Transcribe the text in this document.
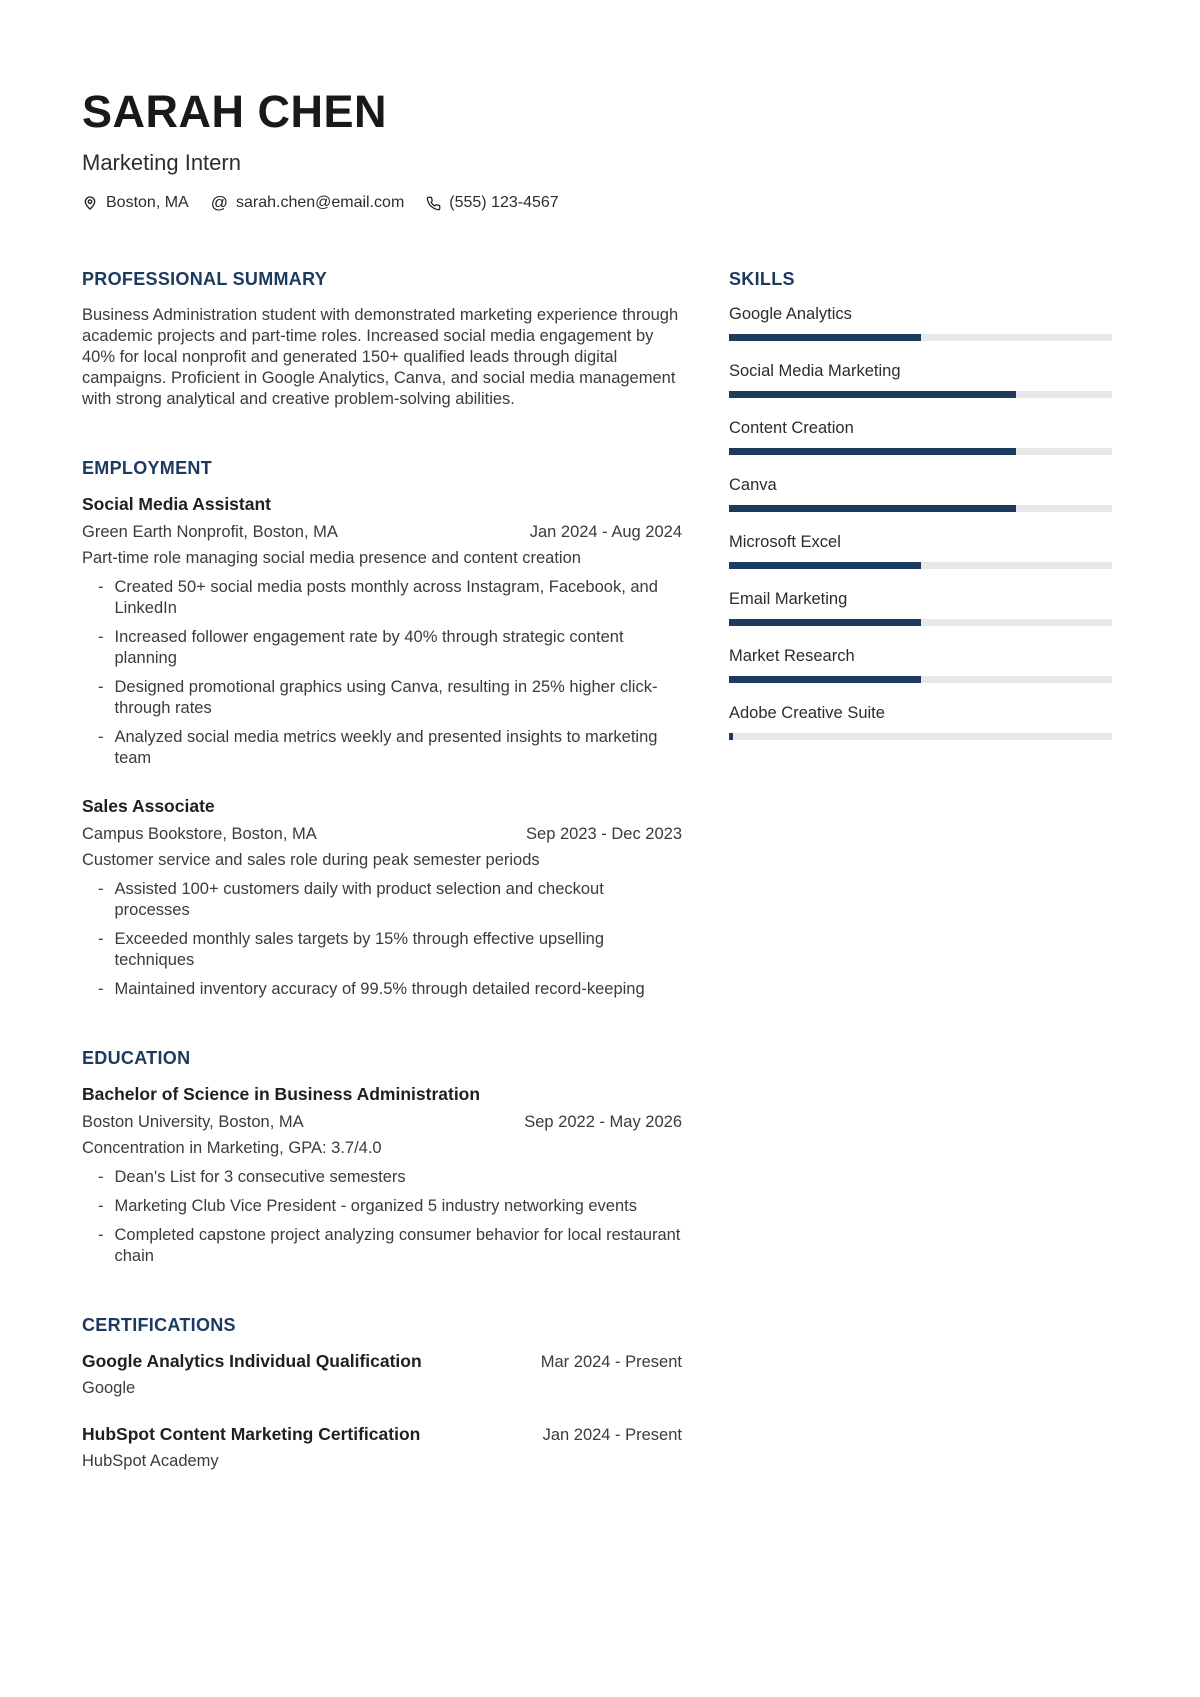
SARAH CHEN
Marketing Intern
Boston, MA @ sarah.chen@email.com	(555) 123-4567
PROFESSIONAL SUMMARY
Business Administration student with demonstrated marketing experience through academic projects and part-time roles. Increased social media engagement by 40% for local nonprofit and generated 150+ qualified leads through digital campaigns. Proficient in Google Analytics, Canva, and social media management with strong analytical and creative problem-solving abilities.
EMPLOYMENT
Social Media Assistant
Green Earth Nonprofit, Boston, MA	Jan 2024 - Aug 2024
Part-time role managing social media presence and content creation
- Created 50+ social media posts monthly across Instagram, Facebook, and LinkedIn
- Increased follower engagement rate by 40% through strategic content planning
- Designed promotional graphics using Canva, resulting in 25% higher click-through rates
- Analyzed social media metrics weekly and presented insights to marketing team
Sales Associate
Campus Bookstore, Boston, MA	Sep 2023 - Dec 2023
Customer service and sales role during peak semester periods
- Assisted 100+ customers daily with product selection and checkout processes
- Exceeded monthly sales targets by 15% through effective upselling techniques
- Maintained inventory accuracy of 99.5% through detailed record-keeping
EDUCATION
Bachelor of Science in Business Administration
Boston University, Boston, MA	Sep 2022 - May 2026
Concentration in Marketing, GPA: 3.7/4.0
- Dean's List for 3 consecutive semesters
- Marketing Club Vice President - organized 5 industry networking events
- Completed capstone project analyzing consumer behavior for local restaurant chain
CERTIFICATIONS
Google Analytics Individual Qualification	Mar 2024 - Present
Google
HubSpot Content Marketing Certification	Jan 2024 - Present
HubSpot Academy
SKILLS
Google Analytics
Social Media Marketing
Content Creation
Canva
Microsoft Excel
Email Marketing
Market Research
Adobe Creative Suite
